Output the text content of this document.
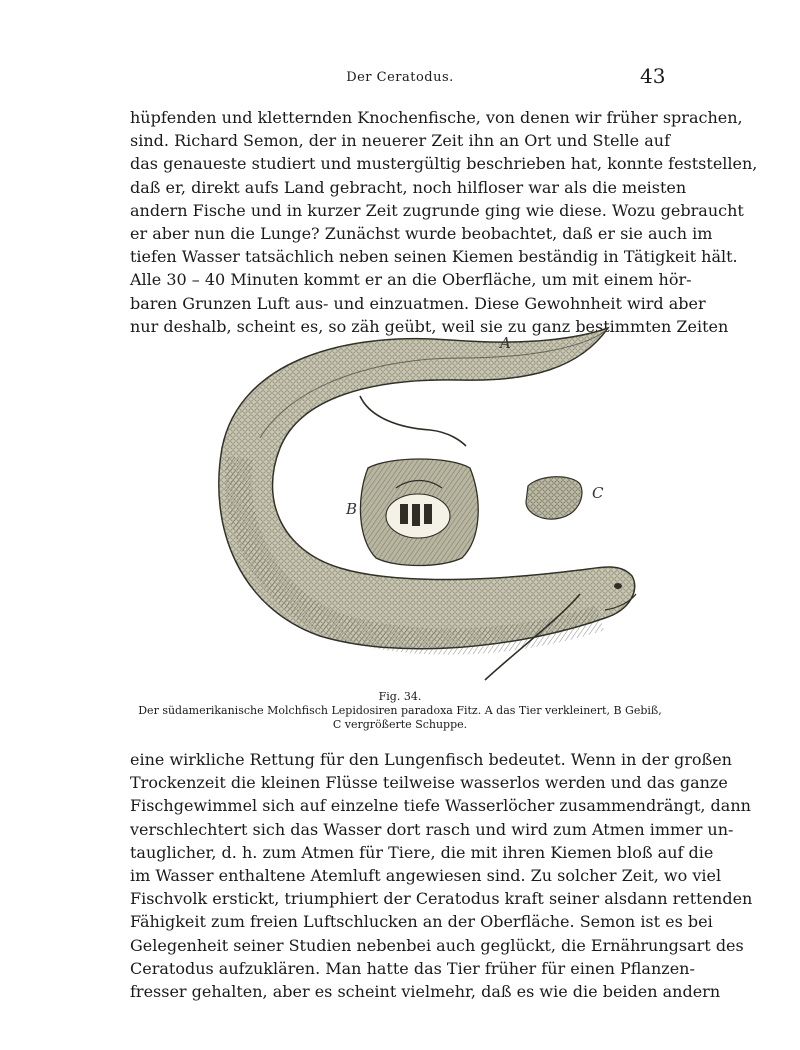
Der Ceratodus.	43
hüpfenden und kletternden Knochenfische, von denen wir früher sprachen,
sind. Richard Semon, der in neuerer Zeit ihn an Ort und Stelle auf
das genaueste studiert und mustergültig beschrieben hat, konnte feststellen,
daß er, direkt aufs Land gebracht, noch hilfloser war als die meisten
andern Fische und in kurzer Zeit zugrunde ging wie diese. Wozu gebraucht
er aber nun die Lunge? Zunächst wurde beobachtet, daß er sie auch im
tiefen Wasser tatsächlich neben seinen Kiemen beständig in Tätigkeit hält.
Alle 30 – 40 Minuten kommt er an die Oberfläche, um mit einem hör-
baren Grunzen Luft aus- und einzuatmen. Diese Gewohnheit wird aber
nur deshalb, scheint es, so zäh geübt, weil sie zu ganz bestimmten Zeiten
A
B
C
Fig. 34.
Der südamerikanische Molchfisch Lepidosiren paradoxa Fitz. A das Tier verkleinert, B Gebiß,
C vergrößerte Schuppe.
eine wirkliche Rettung für den Lungenfisch bedeutet. Wenn in der großen
Trockenzeit die kleinen Flüsse teilweise wasserlos werden und das ganze
Fischgewimmel sich auf einzelne tiefe Wasserlöcher zusammendrängt, dann
verschlechtert sich das Wasser dort rasch und wird zum Atmen immer un-
tauglicher, d. h. zum Atmen für Tiere, die mit ihren Kiemen bloß auf die
im Wasser enthaltene Atemluft angewiesen sind. Zu solcher Zeit, wo viel
Fischvolk erstickt, triumphiert der Ceratodus kraft seiner alsdann rettenden
Fähigkeit zum freien Luftschlucken an der Oberfläche. Semon ist es bei
Gelegenheit seiner Studien nebenbei auch geglückt, die Ernährungsart des
Ceratodus aufzuklären. Man hatte das Tier früher für einen Pflanzen-
fresser gehalten, aber es scheint vielmehr, daß es wie die beiden andern
